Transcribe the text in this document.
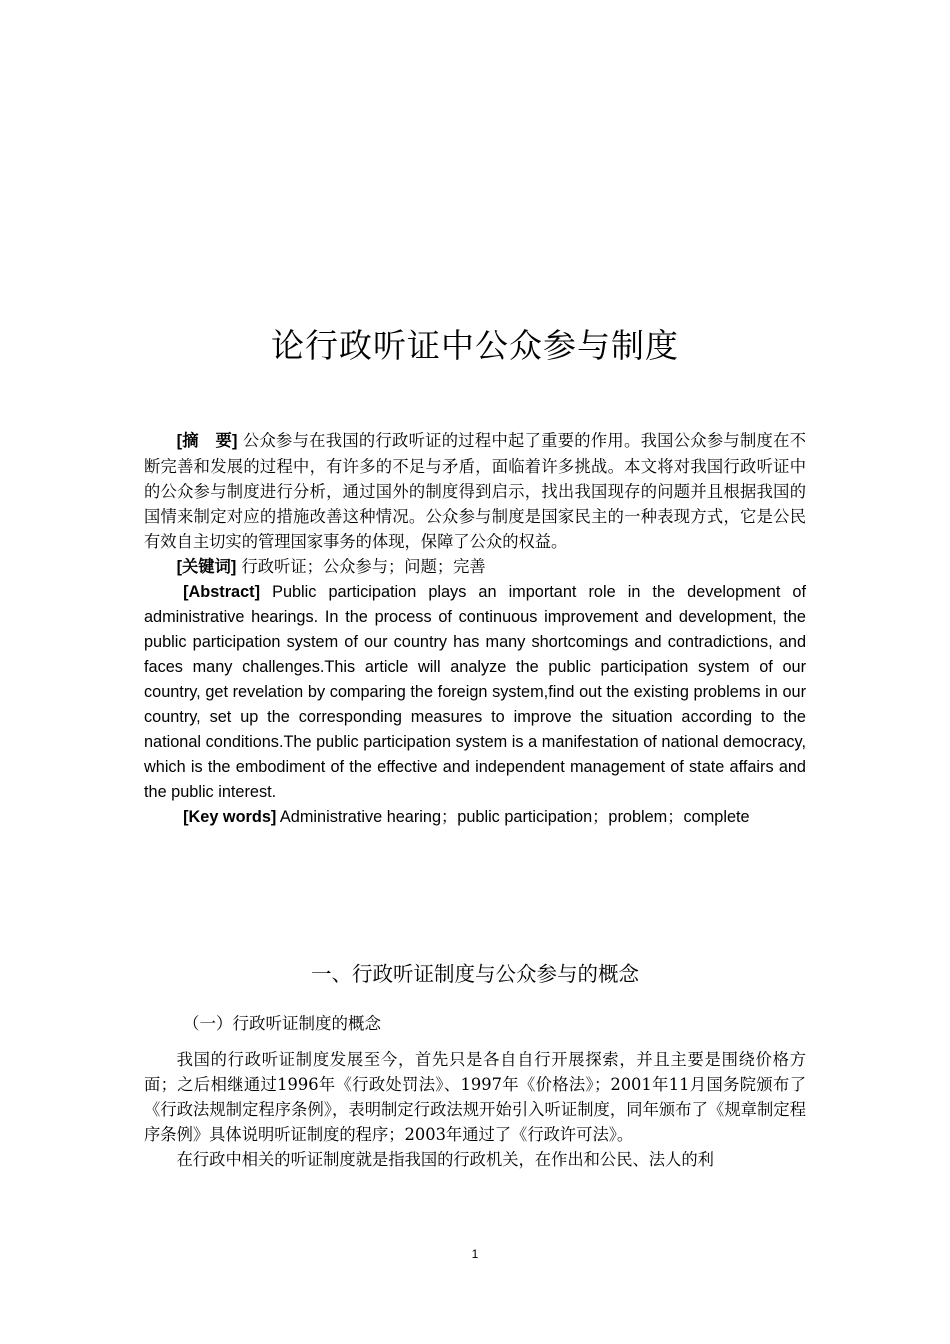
论行政听证中公众参与制度

[摘　要] 公众参与在我国的行政听证的过程中起了重要的作用。我国公众参与制度在不断完善和发展的过程中，有许多的不足与矛盾，面临着许多挑战。本文将对我国行政听证中的公众参与制度进行分析，通过国外的制度得到启示，找出我国现存的问题并且根据我国的国情来制定对应的措施改善这种情况。公众参与制度是国家民主的一种表现方式，它是公民有效自主切实的管理国家事务的体现，保障了公众的权益。

[关键词] 行政听证；公众参与；问题；完善

[Abstract] Public participation plays an important role in the development of administrative hearings. In the process of continuous improvement and development, the public participation system of our country has many shortcomings and contradictions, and faces many challenges.This article will analyze the public participation system of our country, get revelation by comparing the foreign system,find out the existing problems in our country, set up the corresponding measures to improve the situation according to the national conditions.The public participation system is a manifestation of national democracy, which is the embodiment of the effective and independent management of state affairs and the public interest.

[Key words] Administrative hearing；public participation；problem；complete

一、行政听证制度与公众参与的概念
（一）行政听证制度的概念

我国的行政听证制度发展至今，首先只是各自自行开展探索，并且主要是围绕价格方面；之后相继通过1996年《行政处罚法》、1997年《价格法》；2001年11月国务院颁布了《行政法规制定程序条例》，表明制定行政法规开始引入听证制度，同年颁布了《规章制定程序条例》具体说明听证制度的程序；2003年通过了《行政许可法》。

在行政中相关的听证制度就是指我国的行政机关，在作出和公民、法人的利

1
